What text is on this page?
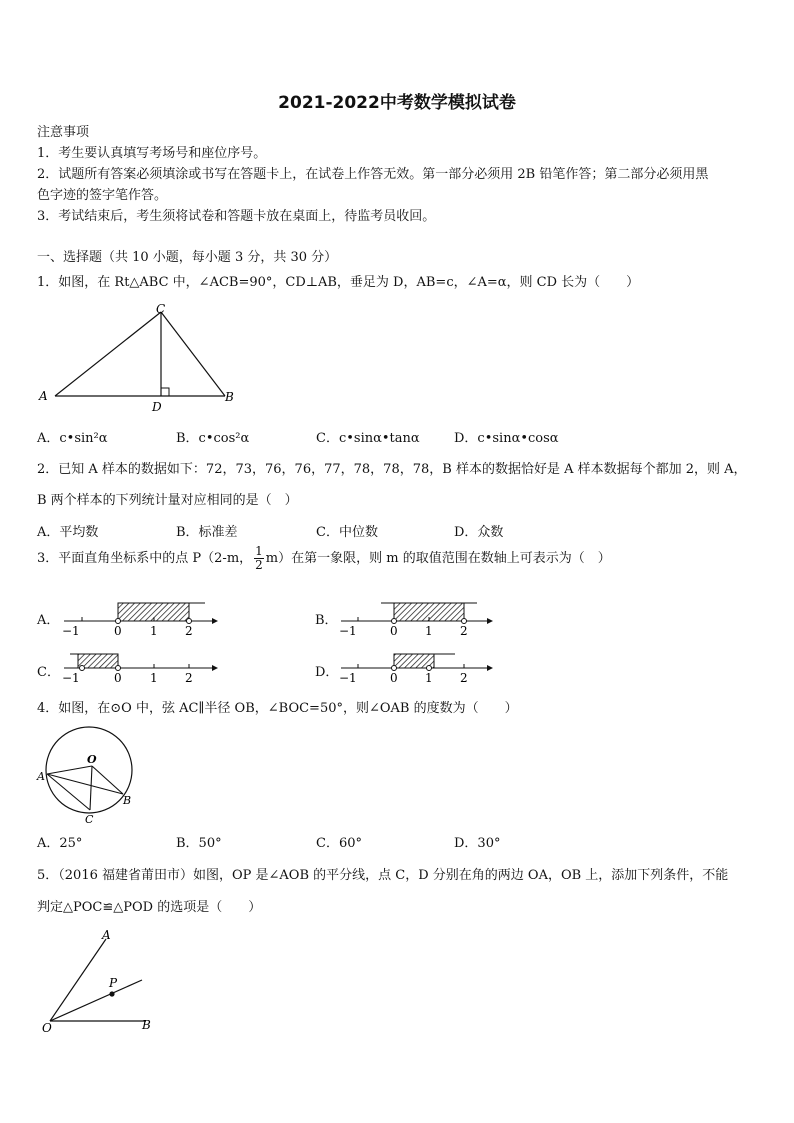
2021-2022中考数学模拟试卷
注意事项
1．考生要认真填写考场号和座位序号。
2．试题所有答案必须填涂或书写在答题卡上，在试卷上作答无效。第一部分必须用 2B 铅笔作答；第二部分必须用黑
色字迹的签字笔作答。
3．考试结束后，考生须将试卷和答题卡放在桌面上，待监考员收回。
一、选择题（共 10 小题，每小题 3 分，共 30 分）
1．如图，在 Rt△ABC 中，∠ACB=90°，CD⊥AB，垂足为 D，AB=c，∠A=α，则 CD 长为（　　）
C
A	B
D
A．c•sin²α	B．c•cos²α	C．c•sinα•tanα	D．c•sinα•cosα
2．已知 A 样本的数据如下：72，73，76，76，77，78，78，78，B 样本的数据恰好是 A 样本数据每个都加 2，则 A，
B 两个样本的下列统计量对应相同的是（　）
A．平均数	B．标准差	C．中位数	D．众数
3．平面直角坐标系中的点 P（2-m， $\frac{1}{2} m$）在第一象限，则 m 的取值范围在数轴上可表示为（　）
A．
−1	0 1 2
B．
−1	0 1 2
C． −1	0 1 2	D． −1	0 1 2
4．如图，在⊙O 中，弦 AC∥半径 OB，∠BOC=50°，则∠OAB 的度数为（　　）
O
A
B
C
A．25°	B．50°	C．60°	D．30°
5．（2016 福建省莆田市）如图，OP 是∠AOB 的平分线，点 C，D 分别在角的两边 OA，OB 上，添加下列条件，不能
判定△POC≌△POD 的选项是（　　）
A
B
O
P
